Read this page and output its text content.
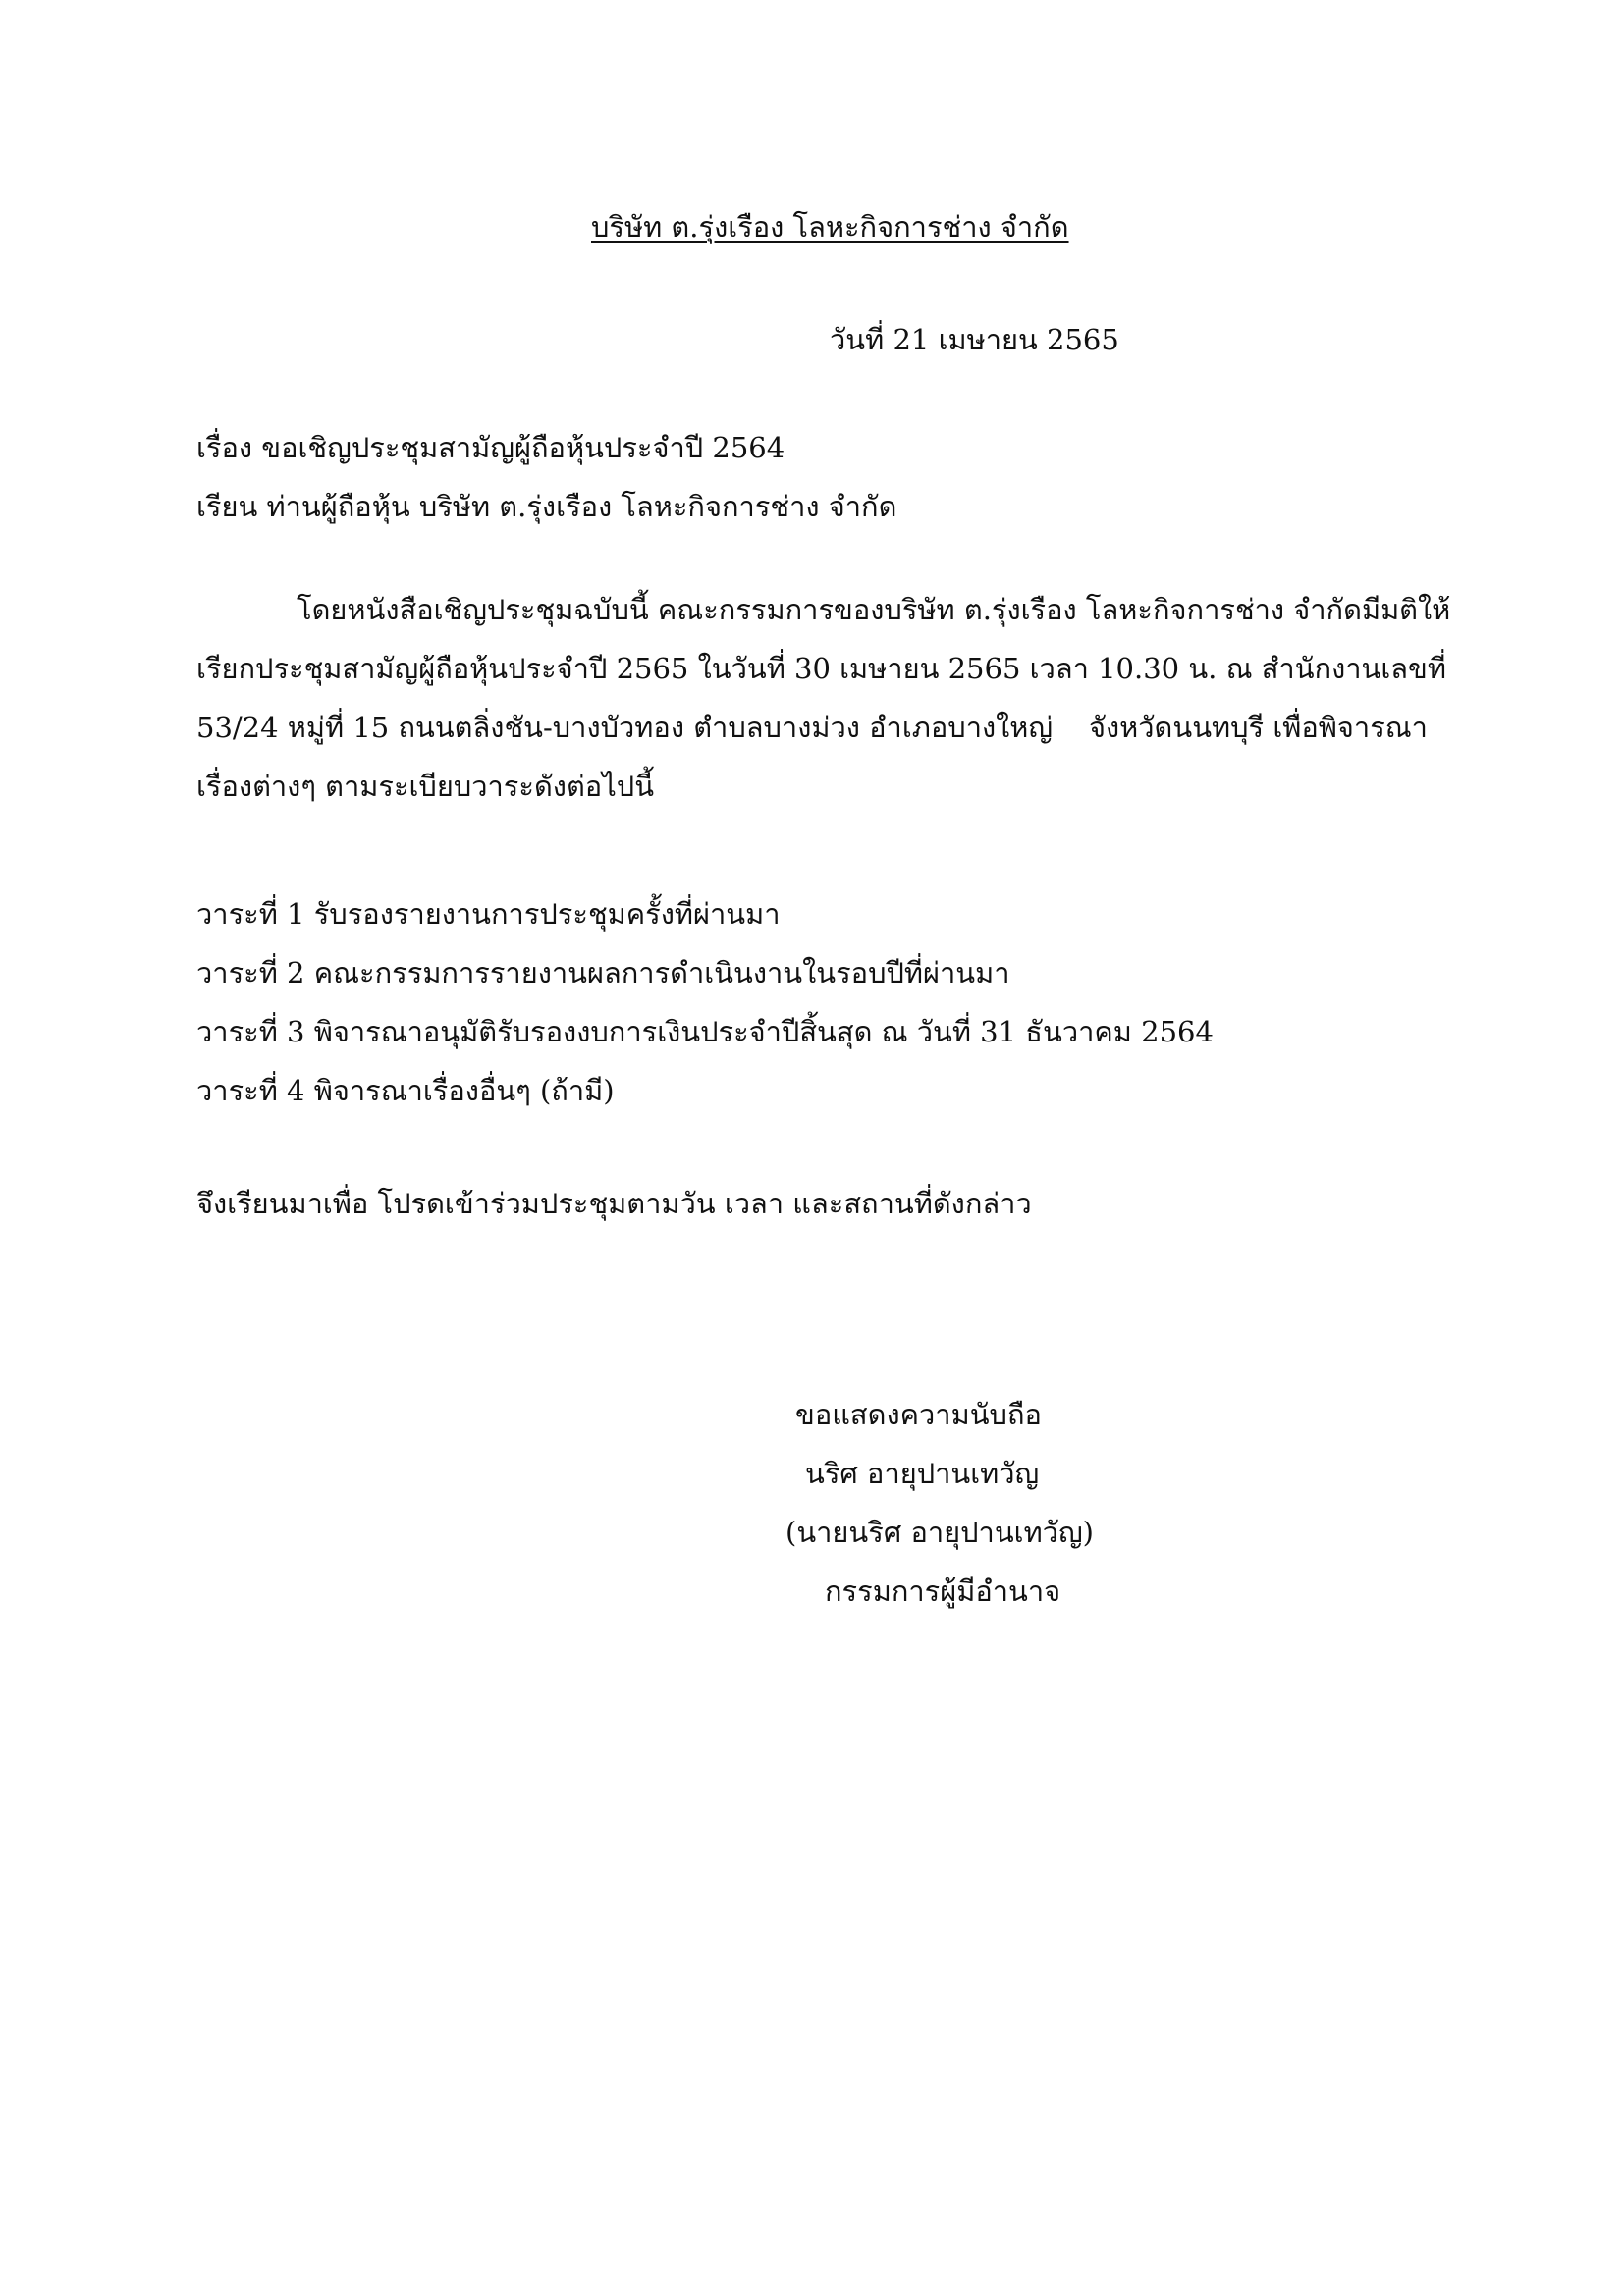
บริษัท ต.รุ่งเรือง โลหะกิจการช่าง จำกัด
วันที่ 21 เมษายน 2565
เรื่อง ขอเชิญประชุมสามัญผู้ถือหุ้นประจำปี 2564
เรียน ท่านผู้ถือหุ้น บริษัท ต.รุ่งเรือง โลหะกิจการช่าง จำกัด
โดยหนังสือเชิญประชุมฉบับนี้ คณะกรรมการของบริษัท ต.รุ่งเรือง โลหะกิจการช่าง จำกัดมีมติให้
เรียกประชุมสามัญผู้ถือหุ้นประจำปี 2565 ในวันที่ 30 เมษายน 2565 เวลา 10.30 น. ณ สำนักงานเลขที่
53/24 หมู่ที่ 15 ถนนตลิ่งชัน-บางบัวทอง ตำบลบางม่วง อำเภอบางใหญ่ จังหวัดนนทบุรี เพื่อพิจารณา
เรื่องต่างๆ ตามระเบียบวาระดังต่อไปนี้
วาระที่ 1 รับรองรายงานการประชุมครั้งที่ผ่านมา
วาระที่ 2 คณะกรรมการรายงานผลการดำเนินงานในรอบปีที่ผ่านมา
วาระที่ 3 พิจารณาอนุมัติรับรองงบการเงินประจำปีสิ้นสุด ณ วันที่ 31 ธันวาคม 2564
วาระที่ 4 พิจารณาเรื่องอื่นๆ (ถ้ามี)
จึงเรียนมาเพื่อ โปรดเข้าร่วมประชุมตามวัน เวลา และสถานที่ดังกล่าว
ขอแสดงความนับถือ
นริศ อายุปานเทวัญ
(นายนริศ อายุปานเทวัญ)
กรรมการผู้มีอำนาจ
